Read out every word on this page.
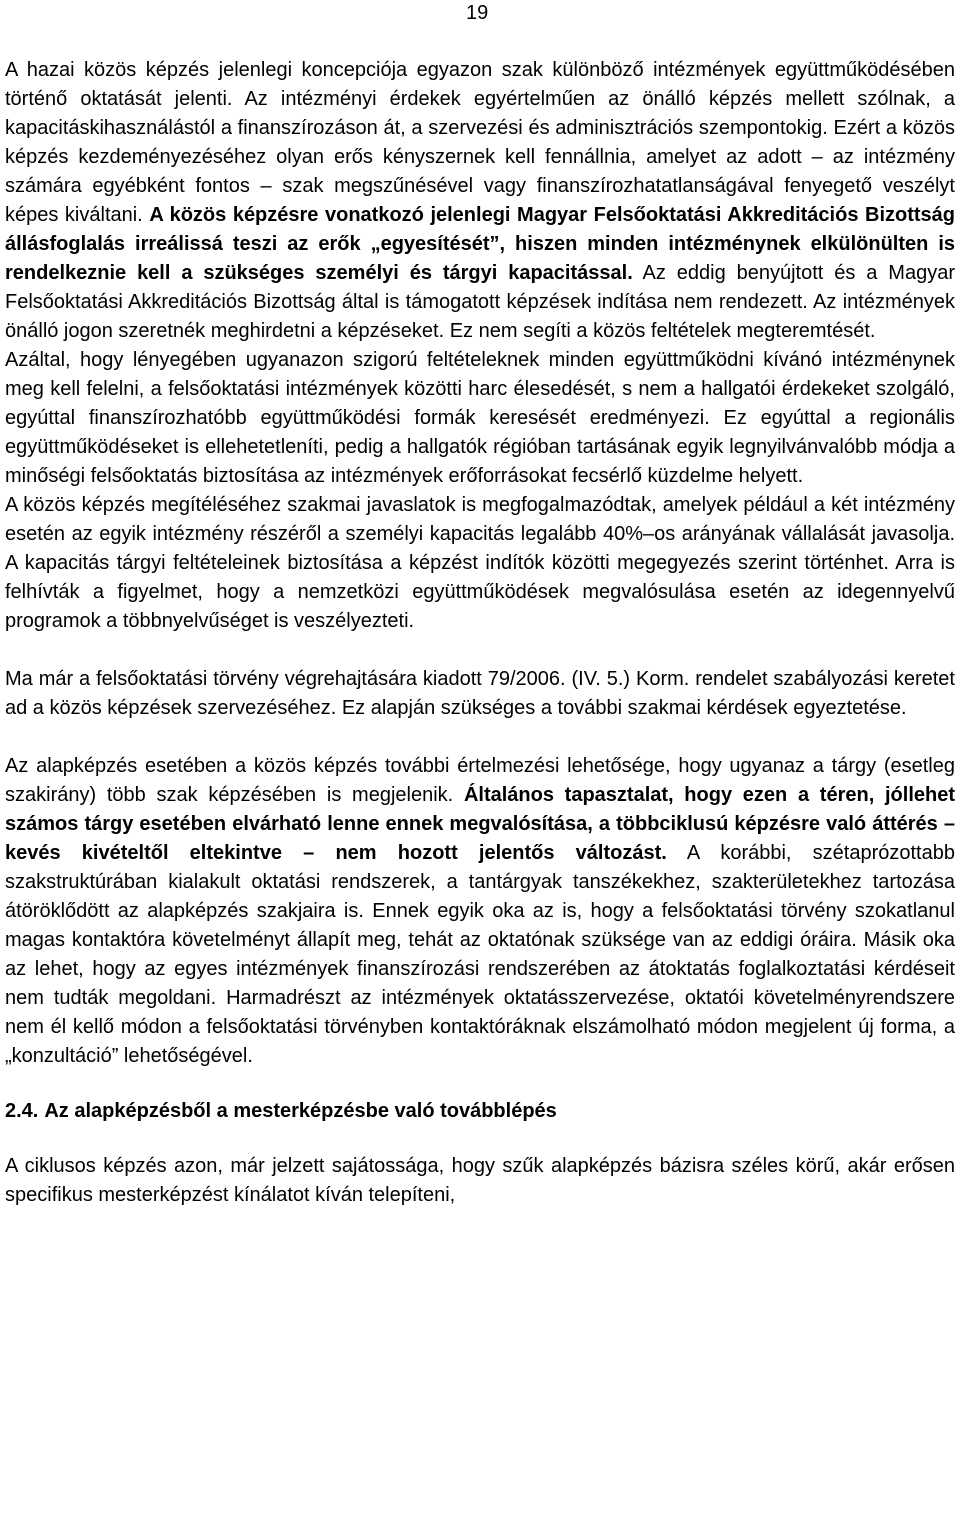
19

A hazai közös képzés jelenlegi koncepciója egyazon szak különböző intézmények együttműködésében történő oktatását jelenti. Az intézményi érdekek egyértelműen az önálló képzés mellett szólnak, a kapacitáskihasználástól a finanszírozáson át, a szervezési és adminisztrációs szempontokig. Ezért a közös képzés kezdeményezéséhez olyan erős kényszernek kell fennállnia, amelyet az adott – az intézmény számára egyébként fontos – szak megszűnésével vagy finanszírozhatatlanságával fenyegető veszélyt képes kiváltani. A közös képzésre vonatkozó jelenlegi Magyar Felsőoktatási Akkreditációs Bizottság állásfoglalás irreálissá teszi az erők „egyesítését”, hiszen minden intézménynek elkülönülten is rendelkeznie kell a szükséges személyi és tárgyi kapacitással. Az eddig benyújtott és a Magyar Felsőoktatási Akkreditációs Bizottság által is támogatott képzések indítása nem rendezett. Az intézmények önálló jogon szeretnék meghirdetni a képzéseket. Ez nem segíti a közös feltételek megteremtését.

Azáltal, hogy lényegében ugyanazon szigorú feltételeknek minden együttműködni kívánó intézménynek meg kell felelni, a felsőoktatási intézmények közötti harc élesedését, s nem a hallgatói érdekeket szolgáló, egyúttal finanszírozhatóbb együttműködési formák keresését eredményezi. Ez egyúttal a regionális együttműködéseket is ellehetetleníti, pedig a hallgatók régióban tartásának egyik legnyilvánvalóbb módja a minőségi felsőoktatás biztosítása az intézmények erőforrásokat fecsérlő küzdelme helyett.

A közös képzés megítéléséhez szakmai javaslatok is megfogalmazódtak, amelyek például a két intézmény esetén az egyik intézmény részéről a személyi kapacitás legalább 40%–os arányának vállalását javasolja. A kapacitás tárgyi feltételeinek biztosítása a képzést indítók közötti megegyezés szerint történhet. Arra is felhívták a figyelmet, hogy a nemzetközi együttműködések megvalósulása esetén az idegennyelvű programok a többnyelvűséget is veszélyezteti.

Ma már a felsőoktatási törvény végrehajtására kiadott 79/2006. (IV. 5.) Korm. rendelet szabályozási keretet ad a közös képzések szervezéséhez. Ez alapján szükséges a további szakmai kérdések egyeztetése.

Az alapképzés esetében a közös képzés további értelmezési lehetősége, hogy ugyanaz a tárgy (esetleg szakirány) több szak képzésében is megjelenik. Általános tapasztalat, hogy ezen a téren, jóllehet számos tárgy esetében elvárható lenne ennek megvalósítása, a többciklusú képzésre való áttérés – kevés kivételtől eltekintve – nem hozott jelentős változást. A korábbi, szétaprózottabb szakstruktúrában kialakult oktatási rendszerek, a tantárgyak tanszékekhez, szakterületekhez tartozása átöröklődött az alapképzés szakjaira is. Ennek egyik oka az is, hogy a felsőoktatási törvény szokatlanul magas kontaktóra követelményt állapít meg, tehát az oktatónak szüksége van az eddigi óráira. Másik oka az lehet, hogy az egyes intézmények finanszírozási rendszerében az átoktatás foglalkoztatási kérdéseit nem tudták megoldani. Harmadrészt az intézmények oktatásszervezése, oktatói követelményrendszere nem él kellő módon a felsőoktatási törvényben kontaktóráknak elszámolható módon megjelent új forma, a „konzultáció” lehetőségével.

2.4. Az alapképzésből a mesterképzésbe való továbblépés

A ciklusos képzés azon, már jelzett sajátossága, hogy szűk alapképzés bázisra széles körű, akár erősen specifikus mesterképzést kínálatot kíván telepíteni,
